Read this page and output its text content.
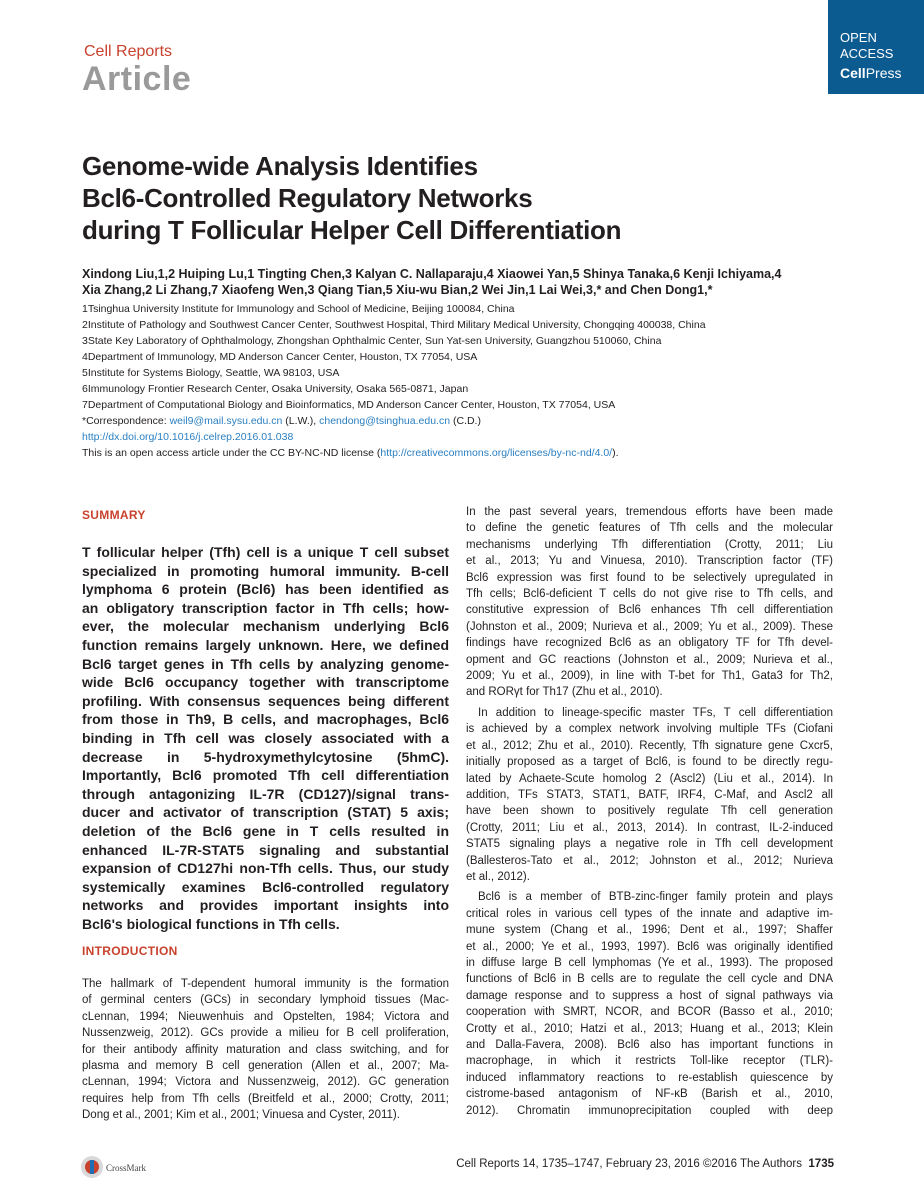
Cell Reports
Article
OPEN
ACCESS
CellPress
Genome-wide Analysis Identifies
Bcl6-Controlled Regulatory Networks
during T Follicular Helper Cell Differentiation
Xindong Liu,1,2 Huiping Lu,1 Tingting Chen,3 Kalyan C. Nallaparaju,4 Xiaowei Yan,5 Shinya Tanaka,6 Kenji Ichiyama,4
Xia Zhang,2 Li Zhang,7 Xiaofeng Wen,3 Qiang Tian,5 Xiu-wu Bian,2 Wei Jin,1 Lai Wei,3,* and Chen Dong1,*
1Tsinghua University Institute for Immunology and School of Medicine, Beijing 100084, China
2Institute of Pathology and Southwest Cancer Center, Southwest Hospital, Third Military Medical University, Chongqing 400038, China
3State Key Laboratory of Ophthalmology, Zhongshan Ophthalmic Center, Sun Yat-sen University, Guangzhou 510060, China
4Department of Immunology, MD Anderson Cancer Center, Houston, TX 77054, USA
5Institute for Systems Biology, Seattle, WA 98103, USA
6Immunology Frontier Research Center, Osaka University, Osaka 565-0871, Japan
7Department of Computational Biology and Bioinformatics, MD Anderson Cancer Center, Houston, TX 77054, USA
*Correspondence: weil9@mail.sysu.edu.cn (L.W.), chendong@tsinghua.edu.cn (C.D.)
http://dx.doi.org/10.1016/j.celrep.2016.01.038
This is an open access article under the CC BY-NC-ND license (http://creativecommons.org/licenses/by-nc-nd/4.0/).
SUMMARY
T follicular helper (Tfh) cell is a unique T cell subset
specialized in promoting humoral immunity. B-cell
lymphoma 6 protein (Bcl6) has been identified as
an obligatory transcription factor in Tfh cells; how-
ever, the molecular mechanism underlying Bcl6
function remains largely unknown. Here, we defined
Bcl6 target genes in Tfh cells by analyzing genome-
wide Bcl6 occupancy together with transcriptome
profiling. With consensus sequences being different
from those in Th9, B cells, and macrophages, Bcl6
binding in Tfh cell was closely associated with a
decrease in 5-hydroxymethylcytosine (5hmC).
Importantly, Bcl6 promoted Tfh cell differentiation
through antagonizing IL-7R (CD127)/signal trans-
ducer and activator of transcription (STAT) 5 axis;
deletion of the Bcl6 gene in T cells resulted in
enhanced IL-7R-STAT5 signaling and substantial
expansion of CD127hi non-Tfh cells. Thus, our study
systemically examines Bcl6-controlled regulatory
networks and provides important insights into
Bcl6's biological functions in Tfh cells.
INTRODUCTION
The hallmark of T-dependent humoral immunity is the formation
of germinal centers (GCs) in secondary lymphoid tissues (Mac-
cLennan, 1994; Nieuwenhuis and Opstelten, 1984; Victora and
Nussenzweig, 2012). GCs provide a milieu for B cell proliferation,
for their antibody affinity maturation and class switching, and for
plasma and memory B cell generation (Allen et al., 2007; Ma-
cLennan, 1994; Victora and Nussenzweig, 2012). GC generation
requires help from Tfh cells (Breitfeld et al., 2000; Crotty, 2011;
Dong et al., 2001; Kim et al., 2001; Vinuesa and Cyster, 2011).
In the past several years, tremendous efforts have been made
to define the genetic features of Tfh cells and the molecular
mechanisms underlying Tfh differentiation (Crotty, 2011; Liu
et al., 2013; Yu and Vinuesa, 2010). Transcription factor (TF)
Bcl6 expression was first found to be selectively upregulated in
Tfh cells; Bcl6-deficient T cells do not give rise to Tfh cells, and
constitutive expression of Bcl6 enhances Tfh cell differentiation
(Johnston et al., 2009; Nurieva et al., 2009; Yu et al., 2009). These
findings have recognized Bcl6 as an obligatory TF for Tfh devel-
opment and GC reactions (Johnston et al., 2009; Nurieva et al.,
2009; Yu et al., 2009), in line with T-bet for Th1, Gata3 for Th2,
and RORγt for Th17 (Zhu et al., 2010).
In addition to lineage-specific master TFs, T cell differentiation
is achieved by a complex network involving multiple TFs (Ciofani
et al., 2012; Zhu et al., 2010). Recently, Tfh signature gene Cxcr5,
initially proposed as a target of Bcl6, is found to be directly regu-
lated by Achaete-Scute homolog 2 (Ascl2) (Liu et al., 2014). In
addition, TFs STAT3, STAT1, BATF, IRF4, C-Maf, and Ascl2 all
have been shown to positively regulate Tfh cell generation
(Crotty, 2011; Liu et al., 2013, 2014). In contrast, IL-2-induced
STAT5 signaling plays a negative role in Tfh cell development
(Ballesteros-Tato et al., 2012; Johnston et al., 2012; Nurieva
et al., 2012).
Bcl6 is a member of BTB-zinc-finger family protein and plays
critical roles in various cell types of the innate and adaptive im-
mune system (Chang et al., 1996; Dent et al., 1997; Shaffer
et al., 2000; Ye et al., 1993, 1997). Bcl6 was originally identified
in diffuse large B cell lymphomas (Ye et al., 1993). The proposed
functions of Bcl6 in B cells are to regulate the cell cycle and DNA
damage response and to suppress a host of signal pathways via
cooperation with SMRT, NCOR, and BCOR (Basso et al., 2010;
Crotty et al., 2010; Hatzi et al., 2013; Huang et al., 2013; Klein
and Dalla-Favera, 2008). Bcl6 also has important functions in
macrophage, in which it restricts Toll-like receptor (TLR)-
induced inflammatory reactions to re-establish quiescence by
cistrome-based antagonism of NF-κB (Barish et al., 2010,
2012). Chromatin immunoprecipitation coupled with deep
CrossMark	Cell Reports 14, 1735–1747, February 23, 2016 ©2016 The Authors 1735
